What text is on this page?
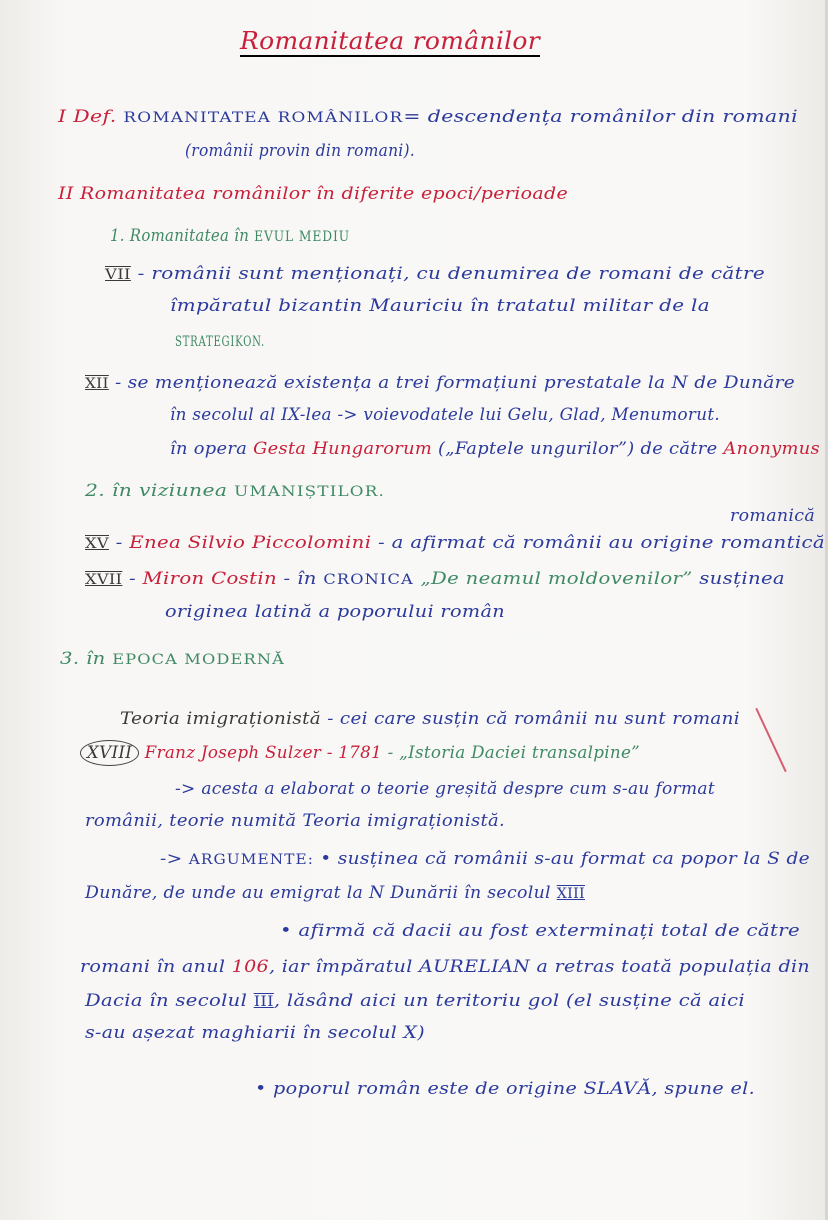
Romanitatea românilor
I Def. ROMANITATEA ROMÂNILOR= descendența românilor din romani
(românii provin din romani).
II Romanitatea românilor în diferite epoci/perioade
1. Romanitatea în EVUL MEDIU
VII - românii sunt menționați, cu denumirea de romani de către
împăratul bizantin Mauriciu în tratatul militar de la
STRATEGIKON.
XII - se menționează existența a trei formațiuni prestatale la N de Dunăre
în secolul al IX-lea -> voievodatele lui Gelu, Glad, Menumorut.
în opera Gesta Hungarorum („Faptele ungurilor”) de către Anonymus
2. în viziunea UMANIȘTILOR.
romanică
XV - Enea Silvio Piccolomini - a afirmat că românii au origine romantică
XVII - Miron Costin - în CRONICA „De neamul moldovenilor” susținea
originea latină a poporului român
3. în EPOCA MODERNĂ
Teoria imigraționistă - cei care susțin că românii nu sunt romani
XVIII Franz Joseph Sulzer - 1781 - „Istoria Daciei transalpine”
-> acesta a elaborat o teorie greșită despre cum s-au format
românii, teorie numită Teoria imigraționistă.
-> ARGUMENTE: • susținea că românii s-au format ca popor la S de
Dunăre, de unde au emigrat la N Dunării în secolul XIII
• afirmă că dacii au fost exterminați total de către
romani în anul 106, iar împăratul AURELIAN a retras toată populația din
Dacia în secolul III, lăsând aici un teritoriu gol (el susține că aici
s-au așezat maghiarii în secolul X)
• poporul român este de origine SLAVĂ, spune el.
